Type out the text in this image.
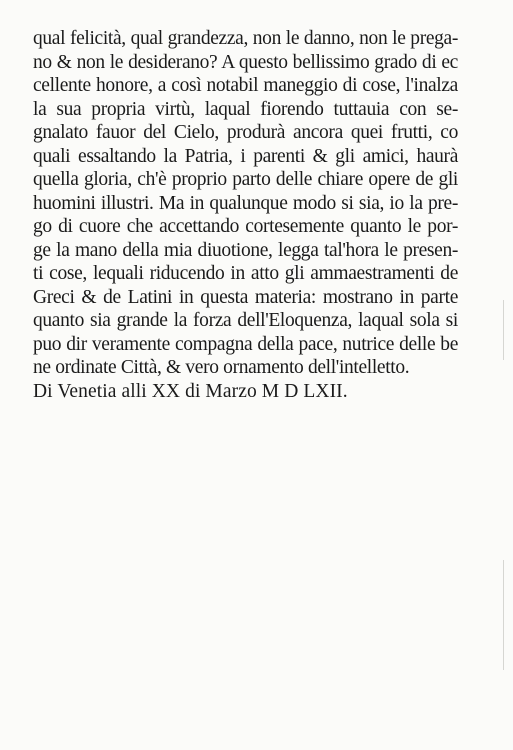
qual felicità, qual grandezza, non le danno, non le prega-
no & non le desiderano? A questo bellissimo grado di ec
cellente honore, a così notabil maneggio di cose, l'inalza
la sua propria virtù, laqual fiorendo tuttauia con se-
gnalato fauor del Cielo, produrà ancora quei frutti, co
quali essaltando la Patria, i parenti & gli amici, haurà
quella gloria, ch'è proprio parto delle chiare opere de gli
huomini illustri. Ma in qualunque modo si sia, io la pre-
go di cuore che accettando cortesemente quanto le por-
ge la mano della mia diuotione, legga tal'hora le presen-
ti cose, lequali riducendo in atto gli ammaestramenti de
Greci & de Latini in questa materia: mostrano in parte
quanto sia grande la forza dell'Eloquenza, laqual sola si
puo dir veramente compagna della pace, nutrice delle be
ne ordinate Città, & vero ornamento dell'intelletto.
Di Venetia alli XX di Marzo M D LXII.
